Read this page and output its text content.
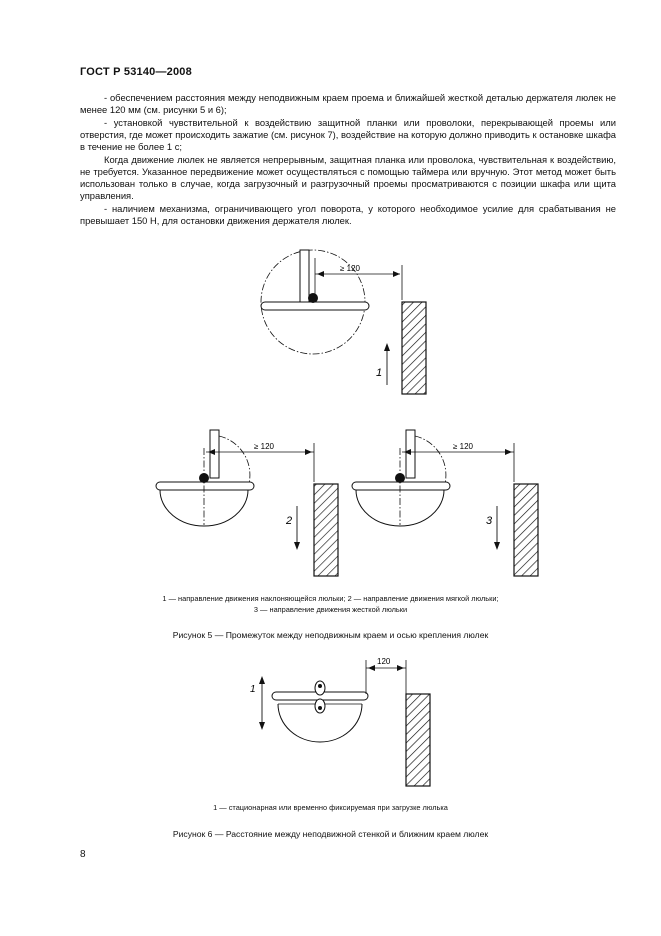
ГОСТ Р 53140—2008

- обеспечением расстояния между неподвижным краем проема и ближайшей жесткой деталью держателя люлек не менее 120 мм (см. рисунки 5 и 6);

- установкой чувствительной к воздействию защитной планки или проволоки, перекрывающей проемы или отверстия, где может происходить зажатие (см. рисунок 7), воздействие на которую должно приводить к остановке шкафа в течение не более 1 с;

Когда движение люлек не является непрерывным, защитная планка или проволока, чувствительная к воздействию, не требуется. Указанное передвижение может осуществляться с помощью таймера или вручную. Этот метод может быть использован только в случае, когда загрузочный и разгрузочный проемы просматриваются с позиции шкафа или щита управления.

- наличием механизма, ограничивающего угол поворота, у которого необходимое усилие для срабатывания не превышает 150 Н, для остановки движения держателя люлек.

≥ 120
1
≥ 120
2
≥ 120
3
1 — направление движения наклоняющейся люльки; 2 — направление движения мягкой люльки;
3 — направление движения жесткой люльки
Рисунок 5 — Промежуток между неподвижным краем и осью крепления люлек
1
120
1 — стационарная или временно фиксируемая при загрузке люлька
Рисунок 6 — Расстояние между неподвижной стенкой и ближним краем люлек
8
